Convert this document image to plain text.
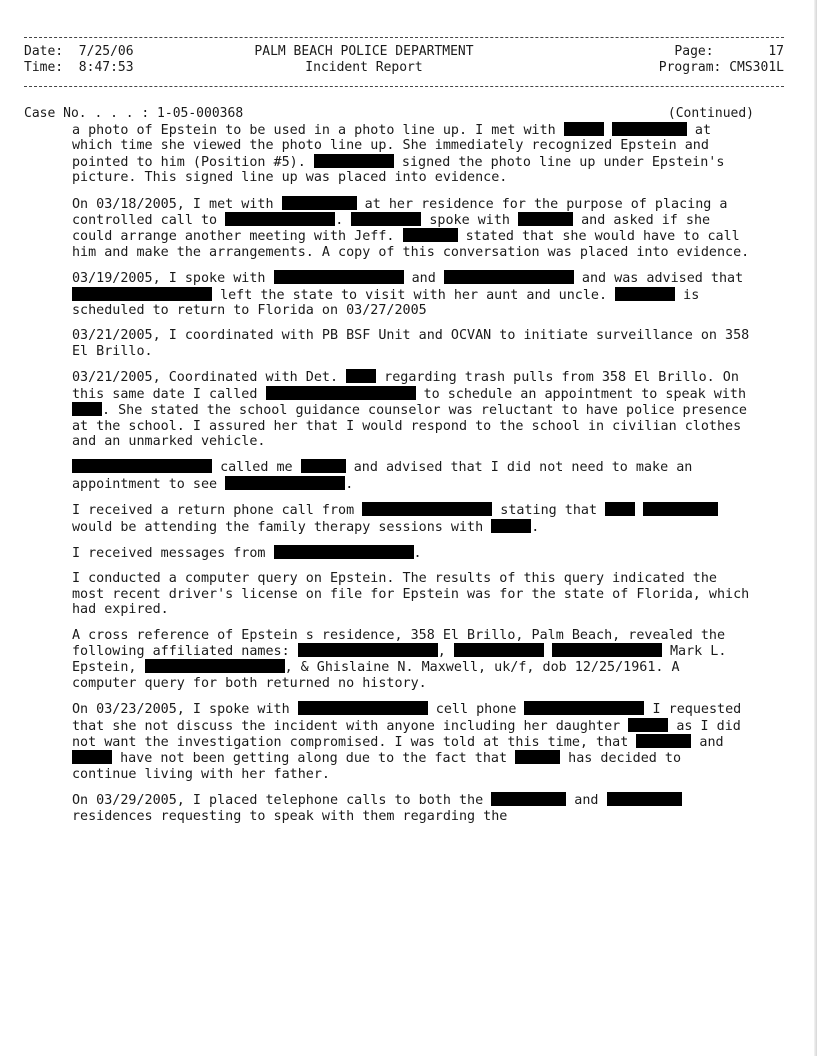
Date:  7/25/06	PALM BEACH POLICE DEPARTMENT	Page:       17
Time:  8:47:53	Incident Report	Program: CMS301L
Case No. . . . : 1-05-000368	(Continued)

a photo of Epstein to be used in a photo line up. I met with	at which time she viewed the photo line up. She immediately recognized Epstein and pointed to him (Position #5).	signed the photo line up under Epstein's picture. This signed line up was placed into evidence.

On 03/18/2005, I met with	at her residence for the purpose of placing a controlled call to	.	spoke with	and asked if she could arrange another meeting with Jeff.	stated that she would have to call him and make the arrangements. A copy of this conversation was placed into evidence.

03/19/2005, I spoke with	and	and was advised that  left the state to visit with her aunt and uncle.	is scheduled to return to Florida on 03/27/2005

03/21/2005, I coordinated with PB BSF Unit and OCVAN to initiate surveillance on 358 El Brillo.

03/21/2005, Coordinated with Det.	regarding trash pulls from 358 El Brillo. On this same date I called	to schedule an appointment to speak with . She stated the school guidance counselor was reluctant to have police presence at the school. I assured her that I would respond to the school in civilian clothes and an unmarked vehicle.

called me	and advised that I did not need to make an appointment to see	.

I received a return phone call from	stating that   would be attending the family therapy sessions with	.

I received messages from	.

I conducted a computer query on Epstein. The results of this query indicated the most recent driver's license on file for Epstein was for the state of Florida, which had expired.

A cross reference of Epstein s residence, 358 El Brillo, Palm Beach, revealed the following affiliated names:	,	Mark L. Epstein,	, & Ghislaine N. Maxwell, uk/f, dob 12/25/1961. A computer query for both returned no history.

On 03/23/2005, I spoke with	cell phone	I requested that she not discuss the incident with anyone including her daughter	as I did not want the investigation compromised. I was told at this time, that	and  have not been getting along due to the fact that	has decided to continue living with her father.

On 03/29/2005, I placed telephone calls to both the	and  residences requesting to speak with them regarding the
